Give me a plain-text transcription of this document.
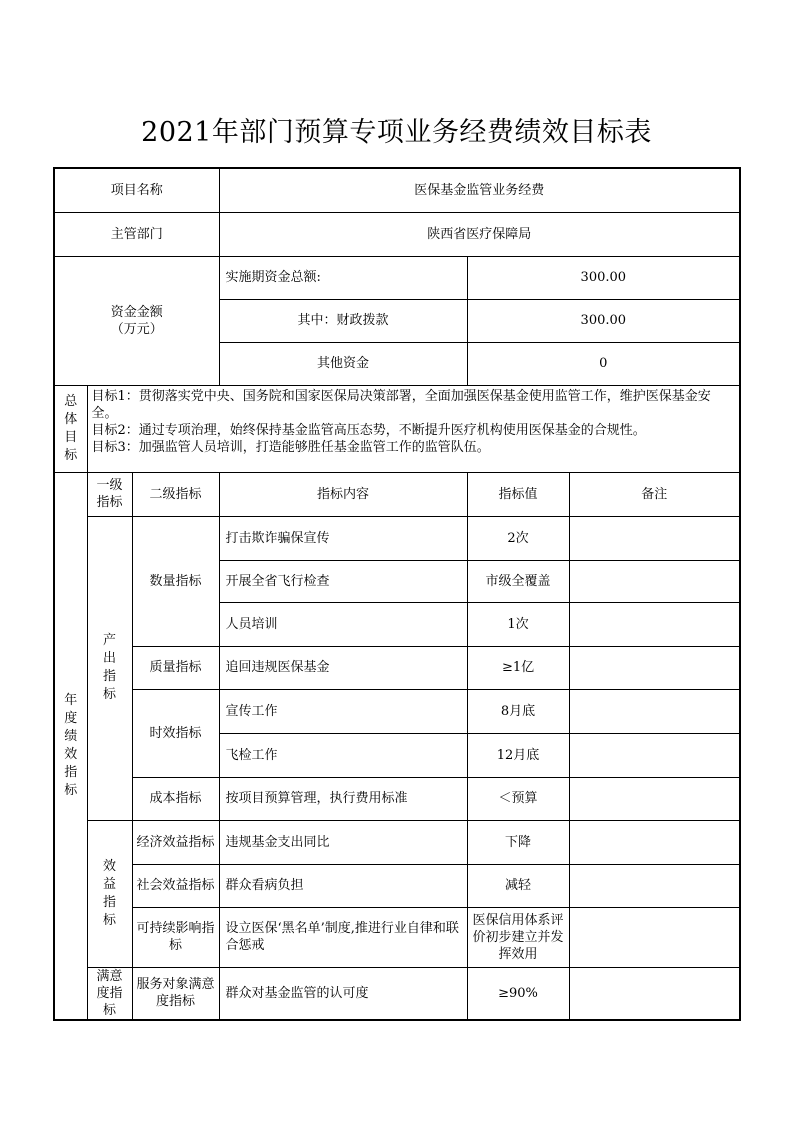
2021年部门预算专项业务经费绩效目标表
项目名称			医保基金监管业务经费		
主管部门			陕西省医疗保障局		

资金金额
（万元）			实施期资金总额:	300.00	
			其中：财政拨款	300.00	
			其他资金	0	
总体目标	目标1：贯彻落实党中央、国务院和国家医保局决策部署，全面加强医保基金使用监管工作，维护医保基金安全。
目标2：通过专项治理，始终保持基金监管高压态势，不断提升医疗机构使用医保基金的合规性。
目标3：加强监管人员培训，打造能够胜任基金监管工作的监管队伍。				

年度绩效指标	一级指标	二级指标	指标内容	指标值	备注
	产出指标	数量指标	打击欺诈骗保宣传	2次	
			开展全省飞行检查	市级全覆盖	
			人员培训	1次	
		质量指标	追回违规医保基金	≥1亿	
		时效指标	宣传工作	8月底	
			飞检工作	12月底	
		成本指标	按项目预算管理，执行费用标准	＜预算	
	效益指标	经济效益指标	违规基金支出同比	下降	
		社会效益指标	群众看病负担	减轻	
		可持续影响指标	设立医保‘黑名单’制度,推进行业自律和联合惩戒	医保信用体系评价初步建立并发挥效用	
	满意度指标	服务对象满意度指标	群众对基金监管的认可度	≥90%	
